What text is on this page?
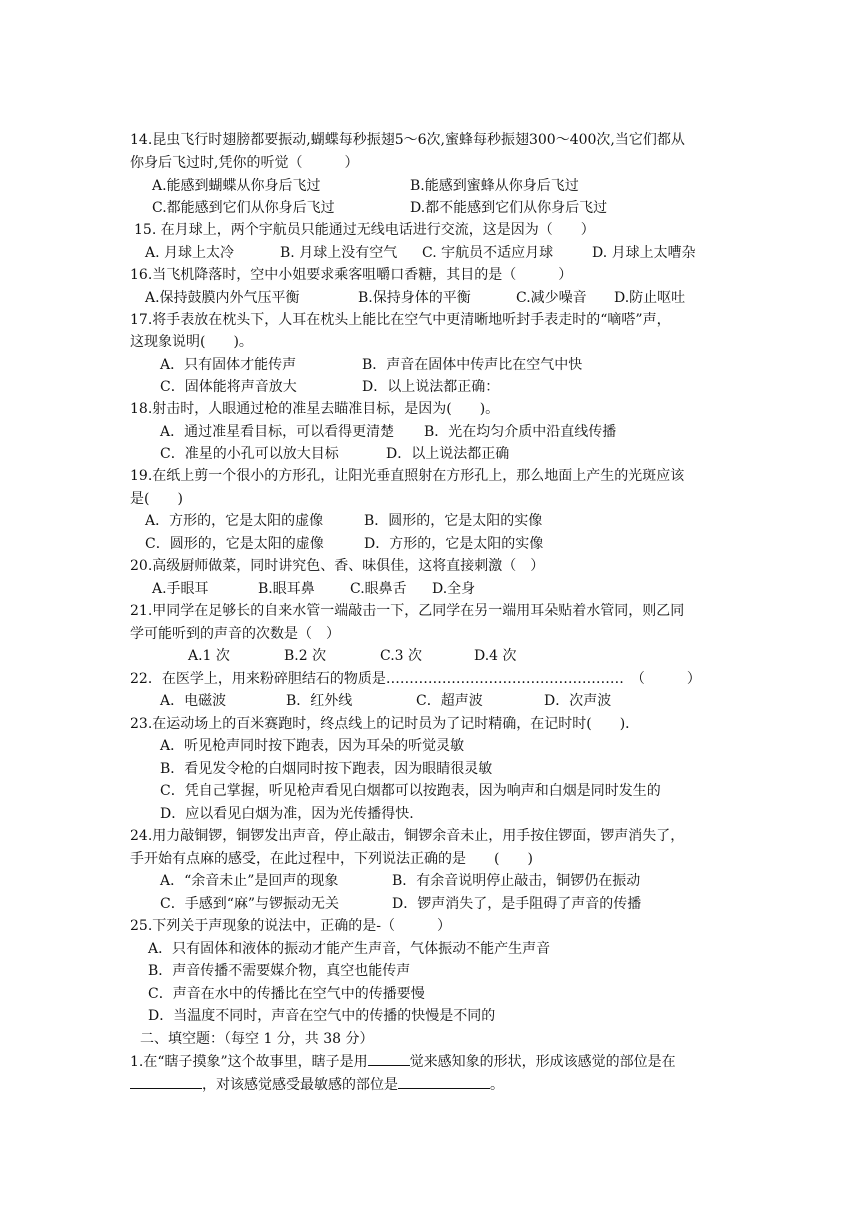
14.昆虫飞行时翅膀都要振动,蝴蝶每秒振翅5～6次,蜜蜂每秒振翅300～400次,当它们都从
你身后飞过时,凭你的听觉（　　　）
A.能感到蝴蝶从你身后飞过	B.能感到蜜蜂从你身后飞过
C.都能感到它们从你身后飞过	D.都不能感到它们从你身后飞过
15. 在月球上，两个宇航员只能通过无线电话进行交流，这是因为（　　）
A. 月球上太冷	B. 月球上没有空气 C. 宇航员不适应月球	D. 月球上太嘈杂
16.当飞机降落时，空中小姐要求乘客咀嚼口香糖，其目的是（　　　）
A.保持鼓膜内外气压平衡	B.保持身体的平衡	C.减少噪音 D.防止呕吐
17.将手表放在枕头下，人耳在枕头上能比在空气中更清晰地听封手表走时的“嘀嗒”声，
这现象说明(　　)。
A．只有固体才能传声	B．声音在固体中传声比在空气中快
C．固体能将声音放大	D．以上说法都正确：
18.射击时，人眼通过枪的准星去瞄准目标，是因为(　　)。
A．通过准星看目标，可以看得更清楚 B．光在均匀介质中沿直线传播
C．准星的小孔可以放大目标	D．以上说法都正确
19.在纸上剪一个很小的方形孔，让阳光垂直照射在方形孔上，那么地面上产生的光斑应该
是(　　)
A．方形的，它是太阳的虚像	B．圆形的，它是太阳的实像
C．圆形的，它是太阳的虚像	D．方形的，它是太阳的实像
20.高级厨师做菜，同时讲究色、香、味俱佳，这将直接刺激（　）
A.手眼耳	B.眼耳鼻	C.眼鼻舌 D.全身
21.甲同学在足够长的自来水管一端敲击一下，乙同学在另一端用耳朵贴着水管同，则乙同
学可能听到的声音的次数是（　）
A.1 次	B.2 次	C.3 次	D.4 次
22．在医学上，用来粉碎胆结石的物质是……………………………………………　（　　　）
A．电磁波	B．红外线	C．超声波	D．次声波
23.在运动场上的百米赛跑时，终点线上的记时员为了记时精确，在记时时(　　)．
A．听见枪声同时按下跑表，因为耳朵的听觉灵敏
B．看见发令枪的白烟同时按下跑表，因为眼睛很灵敏
C．凭自己掌握，听见枪声看见白烟都可以按跑表，因为响声和白烟是同时发生的
D．应以看见白烟为准，因为光传播得快.
24.用力敲铜锣，铜锣发出声音，停止敲击，铜锣余音未止，用手按住锣面，锣声消失了，
手开始有点麻的感受，在此过程中，下列说法正确的是　　(　　)
A．“余音未止”是回声的现象	B．有余音说明停止敲击，铜锣仍在振动
C．手感到“麻”与锣振动无关	D．锣声消失了，是手阻碍了声音的传播
25.下列关于声现象的说法中，正确的是-（　　　）
A．只有固体和液体的振动才能产生声音，气体振动不能产生声音
B．声音传播不需要媒介物，真空也能传声
C．声音在水中的传播比在空气中的传播要慢
D．当温度不同时，声音在空气中的传播的快慢是不同的
二、填空题：（每空 1 分，共 38 分）
1.在“瞎子摸象”这个故事里，瞎子是用	觉来感知象的形状，形成该感觉的部位是在
，对该感觉感受最敏感的部位是	。
